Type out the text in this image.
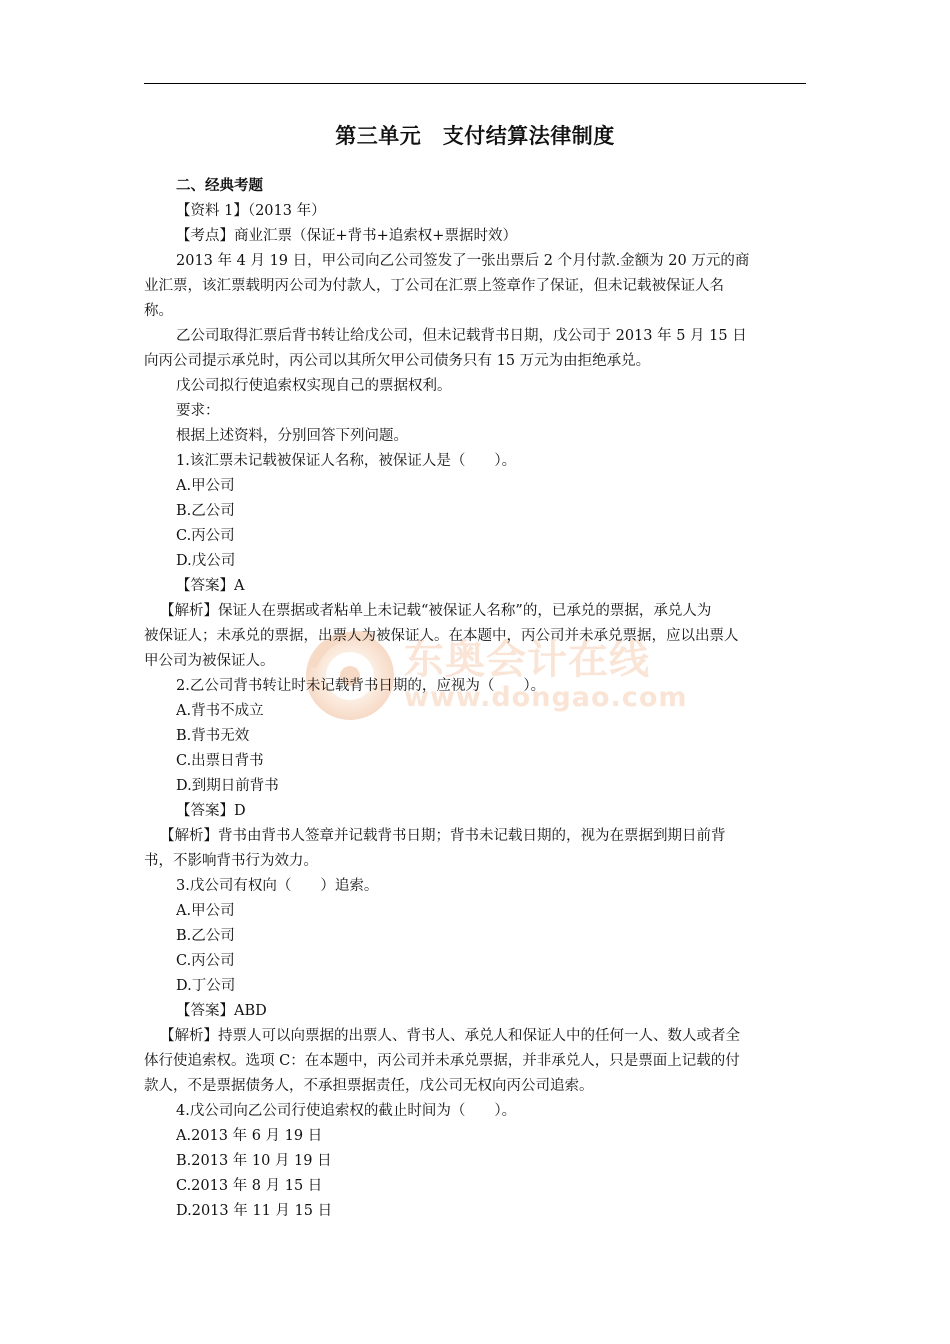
东奥会计在线
www.dongao.com
第三单元　支付结算法律制度
二、经典考题
【资料 1】（2013 年）
【考点】商业汇票（保证+背书+追索权+票据时效）
2013 年 4 月 19 日，甲公司向乙公司签发了一张出票后 2 个月付款.金额为 20 万元的商
业汇票，该汇票载明丙公司为付款人，丁公司在汇票上签章作了保证，但未记载被保证人名
称。
乙公司取得汇票后背书转让给戊公司，但未记载背书日期，戊公司于 2013 年 5 月 15 日
向丙公司提示承兑时，丙公司以其所欠甲公司债务只有 15 万元为由拒绝承兑。
戊公司拟行使追索权实现自己的票据权利。
要求：
根据上述资料，分别回答下列问题。
1.该汇票未记载被保证人名称，被保证人是（　　）。
A.甲公司
B.乙公司
C.丙公司
D.戊公司
【答案】A
【解析】保证人在票据或者粘单上未记载“被保证人名称”的，已承兑的票据，承兑人为
被保证人；未承兑的票据，出票人为被保证人。在本题中，丙公司并未承兑票据，应以出票人
甲公司为被保证人。
2.乙公司背书转让时未记载背书日期的，应视为（　　）。
A.背书不成立
B.背书无效
C.出票日背书
D.到期日前背书
【答案】D
【解析】背书由背书人签章并记载背书日期；背书未记载日期的，视为在票据到期日前背
书，不影响背书行为效力。
3.戊公司有权向（　　）追索。
A.甲公司
B.乙公司
C.丙公司
D.丁公司
【答案】ABD
【解析】持票人可以向票据的出票人、背书人、承兑人和保证人中的任何一人、数人或者全
体行使追索权。选项 C：在本题中，丙公司并未承兑票据，并非承兑人，只是票面上记载的付
款人，不是票据债务人，不承担票据责任，戊公司无权向丙公司追索。
4.戊公司向乙公司行使追索权的截止时间为（　　）。
A.2013 年 6 月 19 日
B.2013 年 10 月 19 日
C.2013 年 8 月 15 日
D.2013 年 11 月 15 日
